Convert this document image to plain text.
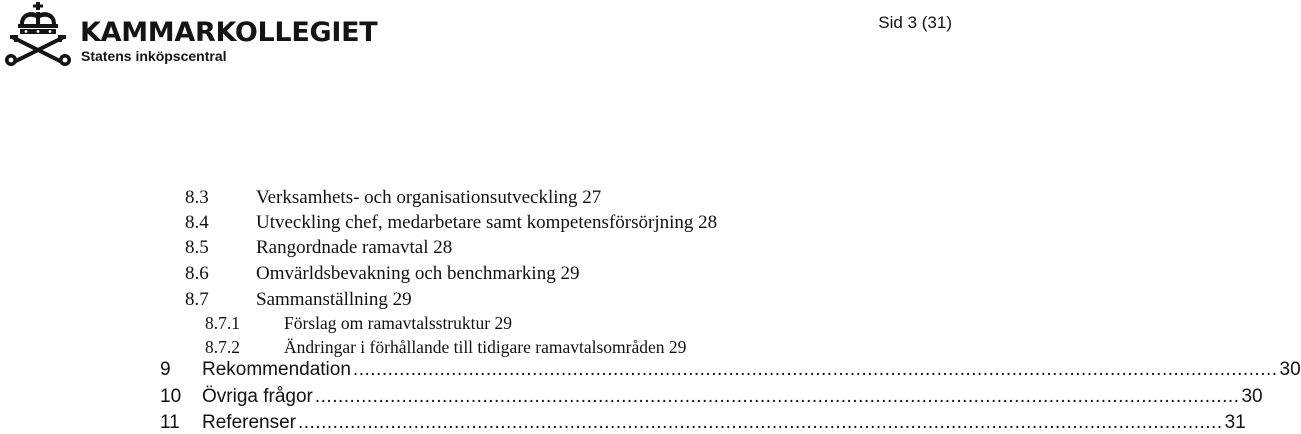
KAMMARKOLLEGIET
Statens inköpscentral
Sid 3 (31)
8.3 Verksamhets- och organisationsutveckling 27
8.4 Utveckling chef, medarbetare samt kompetensförsörjning 28
8.5 Rangordnade ramavtal 28
8.6 Omvärldsbevakning och benchmarking 29
8.7 Sammanställning 29
8.7.1	Förslag om ramavtalsstruktur 29
8.7.2	Ändringar i förhållande till tidigare ramavtalsområden 29
9	Rekommendation ................................................................................................................................................................ 30
10	Övriga frågor ................................................................................................................................................................ 30
11	Referenser ................................................................................................................................................................ 31
